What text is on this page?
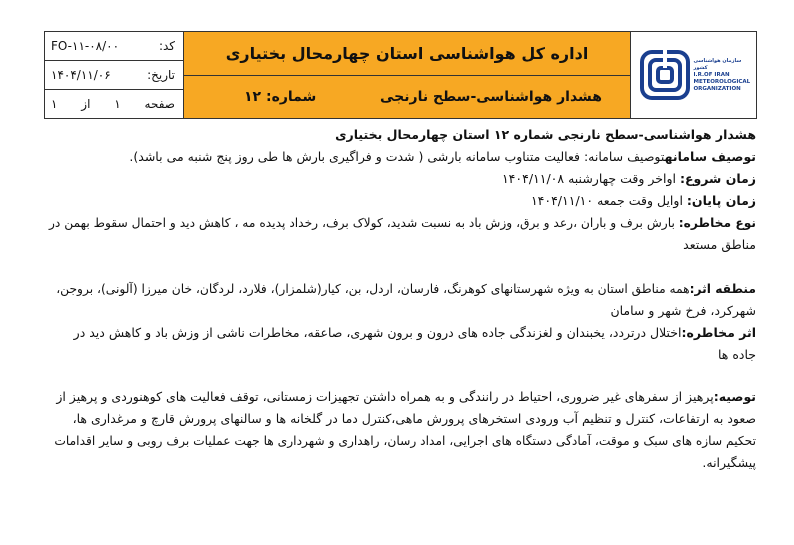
کد:
FO-۱۱-۰۸/۰۰
تاریخ:
۱۴۰۴/۱۱/۰۶
صفحه
۱
از
۱
اداره کل هواشناسی استان چهارمحال بختیاری
هشدار هواشناسی-سطح نارنجی
شماره: ۱۲
سازمان هواشناسی کشور
I.R.OF IRAN
METEOROLOGICAL
ORGANIZATION
هشدار هواشناسی-سطح نارنجی شماره ۱۲ استان چهارمحال بختیاری
توصیف سامانهتوصیف سامانه: فعالیت متناوب سامانه بارشی ( شدت و فراگیری بارش ها طی روز پنج شنبه می باشد).
زمان شروع: اواخر وقت چهارشنبه ۱۴۰۴/۱۱/۰۸
زمان پایان: اوایل وقت جمعه ۱۴۰۴/۱۱/۱۰
نوع مخاطره: بارش برف و باران ،رعد و برق، وزش باد به نسبت شدید، کولاک برف، رخداد پدیده مه ، کاهش دید و احتمال سقوط بهمن در
مناطق مستعد
منطقه اثر:همه مناطق استان به ویژه شهرستانهای کوهرنگ، فارسان، اردل، بن، کیار(شلمزار)، فلارد، لردگان، خان میرزا (آلونی)، بروجن،
شهرکرد، فرخ شهر و سامان
اثر مخاطره:اختلال درتردد، یخبندان و لغزندگی جاده های درون و برون شهری، صاعقه، مخاطرات ناشی از وزش باد و کاهش دید در
جاده ها
توصیه:پرهیز از سفرهای غیر ضروری، احتیاط در رانندگی و به همراه داشتن تجهیزات زمستانی، توقف فعالیت های کوهنوردی و پرهیز از
صعود به ارتفاعات، کنترل و تنظیم آب ورودی استخرهای پرورش ماهی،کنترل دما در گلخانه ها و سالنهای پرورش قارچ و مرغداری ها،
تحکیم سازه های سبک و موقت، آمادگی دستگاه های اجرایی، امداد رسان، راهداری و شهرداری ها جهت عملیات برف روبی و سایر اقدامات
پیشگیرانه.
